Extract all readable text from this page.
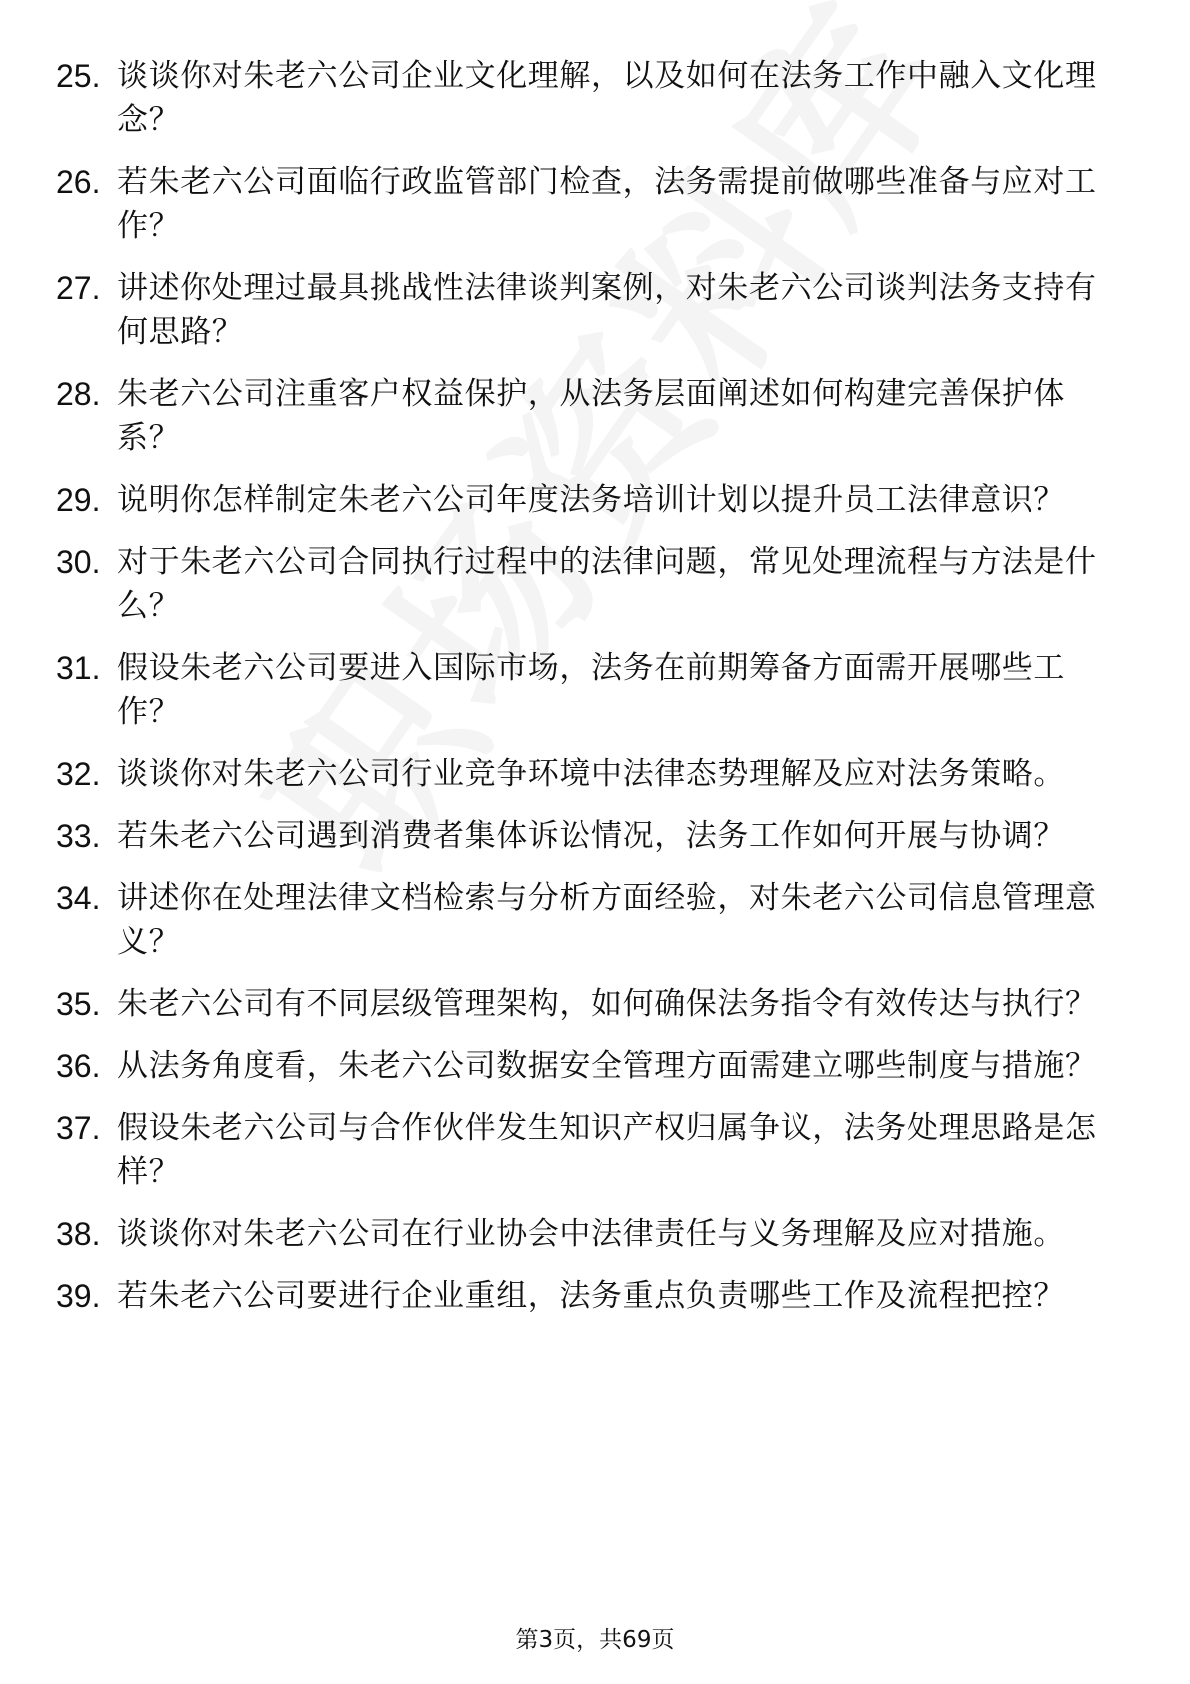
25. 谈谈你对朱老六公司企业文化理解，以及如何在法务工作中融入文化理念？
26. 若朱老六公司面临行政监管部门检查，法务需提前做哪些准备与应对工作？
27. 讲述你处理过最具挑战性法律谈判案例，对朱老六公司谈判法务支持有何思路？
28. 朱老六公司注重客户权益保护，从法务层面阐述如何构建完善保护体系？
29. 说明你怎样制定朱老六公司年度法务培训计划以提升员工法律意识？
30. 对于朱老六公司合同执行过程中的法律问题，常见处理流程与方法是什么？
31. 假设朱老六公司要进入国际市场，法务在前期筹备方面需开展哪些工作？
32. 谈谈你对朱老六公司行业竞争环境中法律态势理解及应对法务策略。
33. 若朱老六公司遇到消费者集体诉讼情况，法务工作如何开展与协调？
34. 讲述你在处理法律文档检索与分析方面经验，对朱老六公司信息管理意义？
35. 朱老六公司有不同层级管理架构，如何确保法务指令有效传达与执行？
36. 从法务角度看，朱老六公司数据安全管理方面需建立哪些制度与措施？
37. 假设朱老六公司与合作伙伴发生知识产权归属争议，法务处理思路是怎样？
38. 谈谈你对朱老六公司在行业协会中法律责任与义务理解及应对措施。
39. 若朱老六公司要进行企业重组，法务重点负责哪些工作及流程把控？
第3页，共69页
